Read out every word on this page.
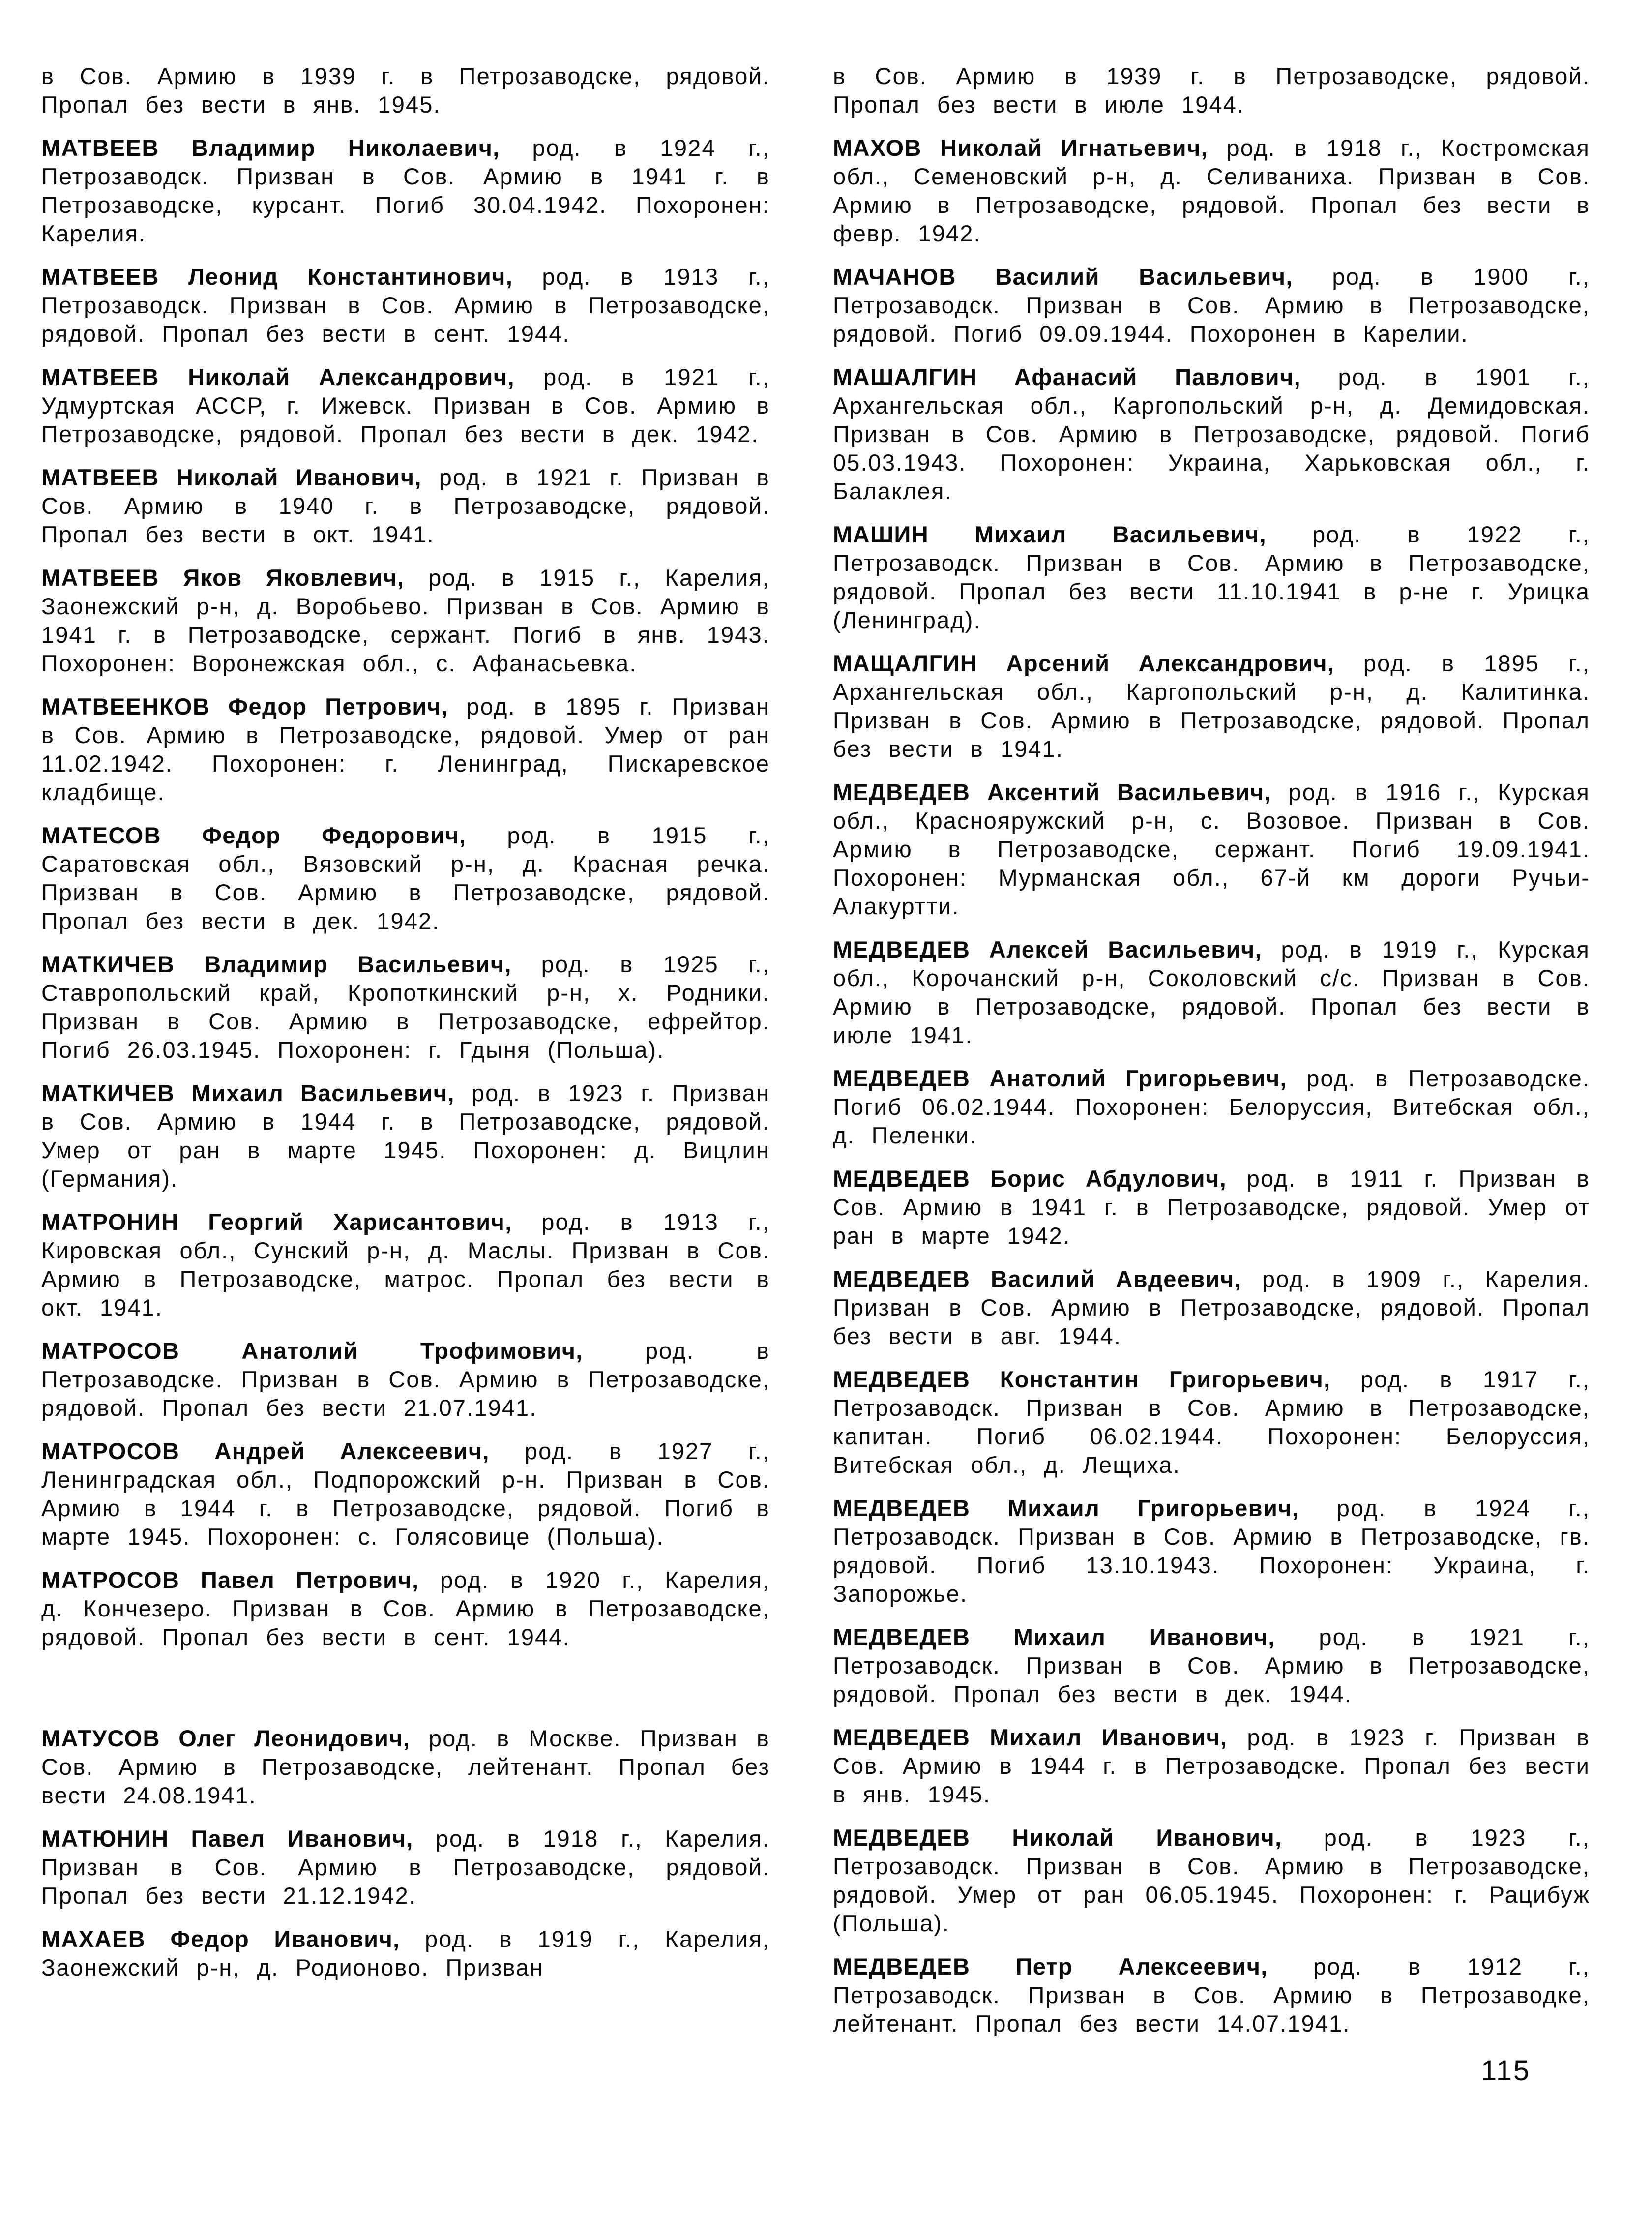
в Сов. Армию в 1939 г. в Петрозаводске, рядовой. Пропал без вести в янв. 1945.

МАТВЕЕВ Владимир Николаевич, род. в 1924 г., Петрозаводск. Призван в Сов. Армию в 1941 г. в Петрозаводске, курсант. Погиб 30.04.1942. Похоронен: Карелия.

МАТВЕЕВ Леонид Константинович, род. в 1913 г., Петрозаводск. Призван в Сов. Армию в Петрозаводске, рядовой. Пропал без вести в сент. 1944.

МАТВЕЕВ Николай Александрович, род. в 1921 г., Удмуртская АССР, г. Ижевск. Призван в Сов. Армию в Петрозаводске, рядовой. Пропал без вести в дек. 1942.

МАТВЕЕВ Николай Иванович, род. в 1921 г. Призван в Сов. Армию в 1940 г. в Петрозаводске, рядовой. Пропал без вести в окт. 1941.

МАТВЕЕВ Яков Яковлевич, род. в 1915 г., Карелия, Заонежский р-н, д. Воробьево. Призван в Сов. Армию в 1941 г. в Петрозаводске, сержант. Погиб в янв. 1943. Похоронен: Воронежская обл., с. Афанасьевка.

МАТВЕЕНКОВ Федор Петрович, род. в 1895 г. Призван в Сов. Армию в Петрозаводске, рядовой. Умер от ран 11.02.1942. Похоронен: г. Ленинград, Пискаревское кладбище.

МАТЕСОВ Федор Федорович, род. в 1915 г., Саратовская обл., Вязовский р-н, д. Красная речка. Призван в Сов. Армию в Петрозаводске, рядовой. Пропал без вести в дек. 1942.

МАТКИЧЕВ Владимир Васильевич, род. в 1925 г., Ставропольский край, Кропоткинский р-н, х. Родники. Призван в Сов. Армию в Петрозаводске, ефрейтор. Погиб 26.03.1945. Похоронен: г. Гдыня (Польша).

МАТКИЧЕВ Михаил Васильевич, род. в 1923 г. Призван в Сов. Армию в 1944 г. в Петрозаводске, рядовой. Умер от ран в марте 1945. Похоронен: д. Вицлин (Германия).

МАТРОНИН Георгий Харисантович, род. в 1913 г., Кировская обл., Сунский р-н, д. Маслы. Призван в Сов. Армию в Петрозаводске, матрос. Пропал без вести в окт. 1941.

МАТРОСОВ Анатолий Трофимович, род. в Петрозаводске. Призван в Сов. Армию в Петрозаводске, рядовой. Пропал без вести 21.07.1941.

МАТРОСОВ Андрей Алексеевич, род. в 1927 г., Ленинградская обл., Подпорожский р-н. Призван в Сов. Армию в 1944 г. в Петрозаводске, рядовой. Погиб в марте 1945. Похоронен: с. Голясовице (Польша).

МАТРОСОВ Павел Петрович, род. в 1920 г., Карелия, д. Кончезеро. Призван в Сов. Армию в Петрозаводске, рядовой. Пропал без вести в сент. 1944.

МАТУСОВ Олег Леонидович, род. в Москве. Призван в Сов. Армию в Петрозаводске, лейтенант. Пропал без вести 24.08.1941.

МАТЮНИН Павел Иванович, род. в 1918 г., Карелия. Призван в Сов. Армию в Петрозаводске, рядовой. Пропал без вести 21.12.1942.

МАХАЕВ Федор Иванович, род. в 1919 г., Карелия, Заонежский р-н, д. Родионово. Призван

в Сов. Армию в 1939 г. в Петрозаводске, рядовой. Пропал без вести в июле 1944.

МАХОВ Николай Игнатьевич, род. в 1918 г., Костромская обл., Семеновский р-н, д. Селиваниха. Призван в Сов. Армию в Петрозаводске, рядовой. Пропал без вести в февр. 1942.

МАЧАНОВ Василий Васильевич, род. в 1900 г., Петрозаводск. Призван в Сов. Армию в Петрозаводске, рядовой. Погиб 09.09.1944. Похоронен в Карелии.

МАШАЛГИН Афанасий Павлович, род. в 1901 г., Архангельская обл., Каргопольский р-н, д. Демидовская. Призван в Сов. Армию в Петрозаводске, рядовой. Погиб 05.03.1943. Похоронен: Украина, Харьковская обл., г. Балаклея.

МАШИН Михаил Васильевич, род. в 1922 г., Петрозаводск. Призван в Сов. Армию в Петрозаводске, рядовой. Пропал без вести 11.10.1941 в р-не г. Урицка (Ленинград).

МАЩАЛГИН Арсений Александрович, род. в 1895 г., Архангельская обл., Каргопольский р-н, д. Калитинка. Призван в Сов. Армию в Петрозаводске, рядовой. Пропал без вести в 1941.

МЕДВЕДЕВ Аксентий Васильевич, род. в 1916 г., Курская обл., Краснояружский р-н, с. Возовое. Призван в Сов. Армию в Петрозаводске, сержант. Погиб 19.09.1941. Похоронен: Мурманская обл., 67-й км дороги Ручьи-Алакуртти.

МЕДВЕДЕВ Алексей Васильевич, род. в 1919 г., Курская обл., Корочанский р-н, Соколовский с/с. Призван в Сов. Армию в Петрозаводске, рядовой. Пропал без вести в июле 1941.

МЕДВЕДЕВ Анатолий Григорьевич, род. в Петрозаводске. Погиб 06.02.1944. Похоронен: Белоруссия, Витебская обл., д. Пеленки.

МЕДВЕДЕВ Борис Абдулович, род. в 1911 г. Призван в Сов. Армию в 1941 г. в Петрозаводске, рядовой. Умер от ран в марте 1942.

МЕДВЕДЕВ Василий Авдеевич, род. в 1909 г., Карелия. Призван в Сов. Армию в Петрозаводске, рядовой. Пропал без вести в авг. 1944.

МЕДВЕДЕВ Константин Григорьевич, род. в 1917 г., Петрозаводск. Призван в Сов. Армию в Петрозаводске, капитан. Погиб 06.02.1944. Похоронен: Белоруссия, Витебская обл., д. Лещиха.

МЕДВЕДЕВ Михаил Григорьевич, род. в 1924 г., Петрозаводск. Призван в Сов. Армию в Петрозаводске, гв. рядовой. Погиб 13.10.1943. Похоронен: Украина, г. Запорожье.

МЕДВЕДЕВ Михаил Иванович, род. в 1921 г., Петрозаводск. Призван в Сов. Армию в Петрозаводске, рядовой. Пропал без вести в дек. 1944.

МЕДВЕДЕВ Михаил Иванович, род. в 1923 г. Призван в Сов. Армию в 1944 г. в Петрозаводске. Пропал без вести в янв. 1945.

МЕДВЕДЕВ Николай Иванович, род. в 1923 г., Петрозаводск. Призван в Сов. Армию в Петрозаводске, рядовой. Умер от ран 06.05.1945. Похоронен: г. Рацибуж (Польша).

МЕДВЕДЕВ Петр Алексеевич, род. в 1912 г., Петрозаводск. Призван в Сов. Армию в Петрозаводке, лейтенант. Пропал без вести 14.07.1941.

115
